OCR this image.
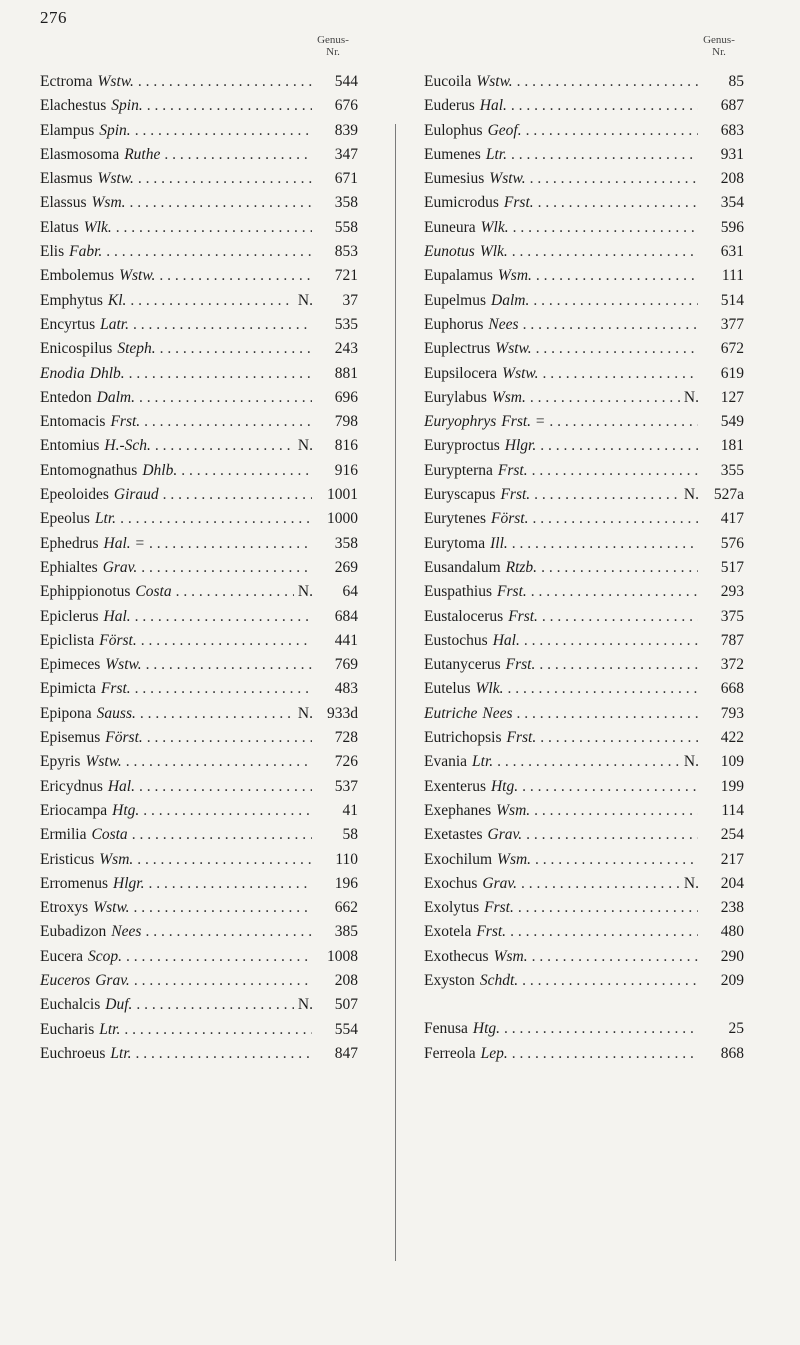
276
Genus-
Nr.
Ectroma Wstw. . . .	544
Elachestus Spin. . . .	676
Elampus Spin. . . .	839
Elasmosoma Ruthe . . .	347
Elasmus Wstw. . . .	671
Elassus Wsm. . . .	358
Elatus Wlk. . . .	558
Elis Fabr. . . .	853
Embolemus Wstw. . . .	721
Emphytus Kl. . . .	N.	37
Encyrtus Latr. . . .	535
Enicospilus Steph. . . .	243
Enodia Dhlb. . . .	881
Entedon Dalm. . . .	696
Entomacis Frst. . . .	798
Entomius H.-Sch. . . .	N.	816
Entomognathus Dhlb. . . .	916
Epeoloides Giraud . . .	1001
Epeolus Ltr. . . .	1000
Ephedrus Hal. = . . .	358
Ephialtes Grav. . . .	269
Ephippionotus Costa . . .	N.	64
Epiclerus Hal. . . .	684
Epiclista Först. . . .	441
Epimeces Wstw. . . .	769
Epimicta Frst. . . .	483
Epipona Sauss. . . .	N. 933d
Episemus Först. . . .	728
Epyris Wstw. . . .	726
Ericydnus Hal. . . .	537
Eriocampa Htg. . . .	41
Ermilia Costa . . .	58
Eristicus Wsm. . . .	110
Erromenus Hlgr. . . .	196
Etroxys Wstw. . . .	662
Eubadizon Nees . . .	385
Eucera Scop. . . .	1008
Euceros Grav. . . .	208
Euchalcis Duf. . . .	N.	507
Eucharis Ltr. . . .	554
Euchroeus Ltr. . . .	847
Genus-
Nr.
Eucoila Wstw. . . .	85
Euderus Hal. . . .	687
Eulophus Geof. . . .	683
Eumenes Ltr. . . .	931
Eumesius Wstw. . . .	208
Eumicrodus Frst. . . .	354
Euneura Wlk. . . .	596
Eunotus Wlk. . . .	631
Eupalamus Wsm. . . .	111
Eupelmus Dalm. . . .	514
Euphorus Nees . . .	377
Euplectrus Wstw. . . .	672
Eupsilocera Wstw. . . .	619
Eurylabus Wsm. . . .	N.	127
Euryophrys Frst. = . . .	549
Euryproctus Hlgr. . . .	181
Eurypterna Frst. . . .	355
Euryscapus Frst. . . .	N. 527a
Eurytenes Först. . . .	417
Eurytoma Ill. . . .	576
Eusandalum Rtzb. . . .	517
Euspathius Frst. . . .	293
Eustalocerus Frst. . . .	375
Eustochus Hal. . . .	787
Eutanycerus Frst. . . .	372
Eutelus Wlk. . . .	668
Eutriche Nees . . .	793
Eutrichopsis Frst. . . .	422
Evania Ltr. . . .	N.	109
Exenterus Htg. . . .	199
Exephanes Wsm. . . .	114
Exetastes Grav. . . .	254
Exochilum Wsm. . . .	217
Exochus Grav. . . .	N.	204
Exolytus Frst. . . .	238
Exotela Frst. . . .	480
Exothecus Wsm. . . .	290
Exyston Schdt. . . .	209
Fenusa Htg. . . .	25
Ferreola Lep. . . .	868
